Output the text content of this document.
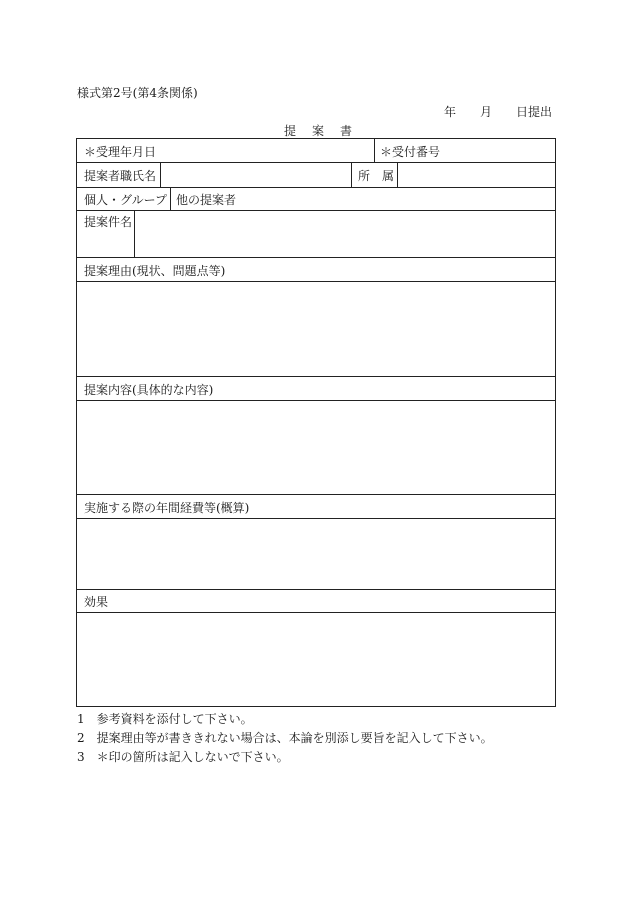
様式第2号(第4条関係)
年　　月　　日提出
提　案　書
＊受理年月日	＊受付番号
提案者職氏名	所　属
個人・グループ 他の提案者
提案件名
提案理由(現状、問題点等)
提案内容(具体的な内容)
実施する際の年間経費等(概算)
効果
1　参考資料を添付して下さい。
2　提案理由等が書ききれない場合は、本論を別添し要旨を記入して下さい。
3　＊印の箇所は記入しないで下さい。
